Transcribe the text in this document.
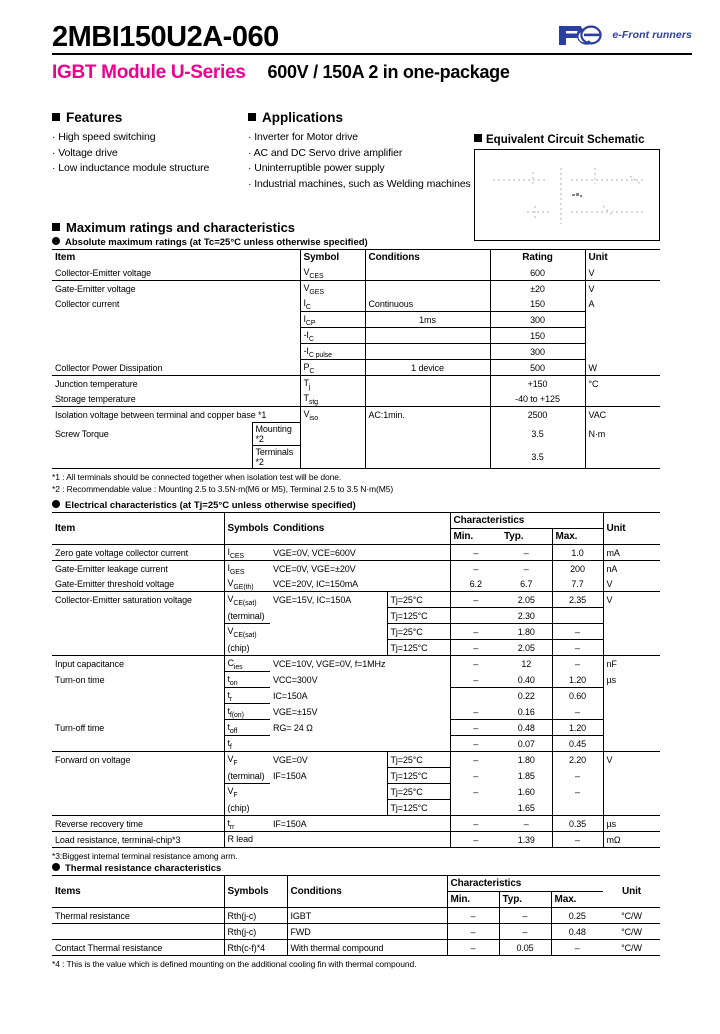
2MBI150U2A-060
IGBT Module U-Series 600V / 150A 2 in one-package
e-Front runners
Features
· High speed switching
· Voltage drive
· Low inductance module structure
Applications
· Inverter for Motor drive
· AC and DC Servo drive amplifier
· Uninterruptible power supply
· Industrial machines, such as Welding machines
Equivalent Circuit Schematic
Maximum ratings and characteristics
Absolute maximum ratings (at Tc=25°C unless otherwise specified)
Item		Symbol	Conditions	Rating	Unit
Collector-Emitter voltage		$V_{CES}$		600	V
Gate-Emitter voltage		$V_{GES}$		±20	V
Collector current		$I_C$	Continuous	150	A
		$I_{CP}$	1ms	300	
		$-I_C$		150	
		$-I_{C pulse}$		300	
Collector Power Dissipation		$P_C$	1 device	500	W
Junction temperature		$T_j$		+150	°C
Storage temperature		$T_{stg}$		-40 to +125	
Isolation voltage between terminal and copper base *1		$V_{iso}$	AC:1min.	2500	VAC
Screw Torque	Mounting *2			3.5	N·m
	Terminals *2			3.5	
*1 : All terminals should be connected together when isolation test will be done.
*2 : Recommendable value : Mounting 2.5 to 3.5N·m(M6 or M5), Terminal 2.5 to 3.5 N·m(M5)
Electrical characteristics (at Tj=25°C unless otherwise specified)
Item	Symbols	Conditions		Characteristics			Unit
				Min.	Typ.	Max.	
Zero gate voltage collector current	$I_{CES}$	VGE=0V, VCE=600V		–	–	1.0	mA
Gate-Emitter leakage current	$I_{GES}$	VCE=0V, VGE=±20V		–	–	200	nA
Gate-Emitter threshold voltage	$V_{GE(th)}$	VCE=20V, IC=150mA		6.2	6.7	7.7	V
Collector-Emitter saturation voltage	$V_{CE(sat)}$	VGE=15V, IC=150A	Tj=25°C	–	2.05	2.35	V
	(terminal)		Tj=125°C		2.30		
	$V_{CE(sat)}$		Tj=25°C	–	1.80	–	
	(chip)		Tj=125°C	–	2.05	–	
Input capacitance	$C_{ies}$	VCE=10V, VGE=0V, f=1MHz		–	12	–	nF
Turn-on time	$t_{on}$	VCC=300V		–	0.40	1.20	µs
	$t_r$	IC=150A			0.22	0.60	
	$t_{f(on)}$	VGE=±15V		–	0.16	–	
Turn-off time	$t_{off}$	RG= 24 Ω		–	0.48	1.20	
	$t_f$			–	0.07	0.45	
Forward on voltage	$V_F$	VGE=0V	Tj=25°C	–	1.80	2.20	V
	(terminal)	IF=150A	Tj=125°C	–	1.85	–	
	$V_F$		Tj=25°C	–	1.60	–	
	(chip)		Tj=125°C		1.65		
Reverse recovery time	$t_{rr}$	IF=150A		–	–	0.35	µs
Load resistance, terminal-chip*3	R lead			–	1.39	–	mΩ
*3:Biggest internal terminal resistance among arm.
Thermal resistance characteristics
Items	Symbols	Conditions	Characteristics			Unit
			Min.	Typ.	Max.	
Thermal resistance	Rth(j-c)	IGBT	–	–	0.25	°C/W
	Rth(j-c)	FWD	–	–	0.48	°C/W
Contact Thermal resistance	Rth(c-f)*4	With thermal compound	–	0.05	–	°C/W
*4 : This is the value which is defined mounting on the additional cooling fin with thermal compound.
